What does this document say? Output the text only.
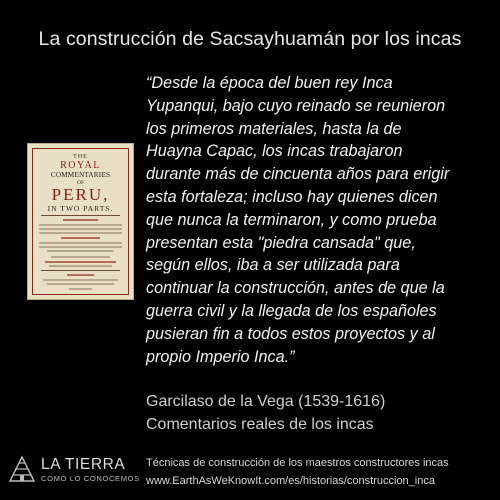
La construcción de Sacsayhuamán por los incas
THE
ROYAL
COMMENTARIES
OF
PERU,
IN TWO PARTS.

“Desde la época del buen rey Inca

Yupanqui, bajo cuyo reinado se reunieron

los primeros materiales, hasta la de

Huayna Capac, los incas trabajaron

durante más de cincuenta años para erigir

esta fortaleza; incluso hay quienes dicen

que nunca la terminaron, y como prueba

presentan esta "piedra cansada" que,

según ellos, iba a ser utilizada para

continuar la construcción, antes de que la

guerra civil y la llegada de los españoles

pusieran fin a todos estos proyectos y al

propio Imperio Inca.”

Garcilaso de la Vega (1539-1616)
Comentarios reales de los incas
LA TIERRA
COMO LO CONOCEMOS
Técnicas de construcción de los maestros constructores incas
www.EarthAsWeKnowIt.com/es/historias/construccion_inca
